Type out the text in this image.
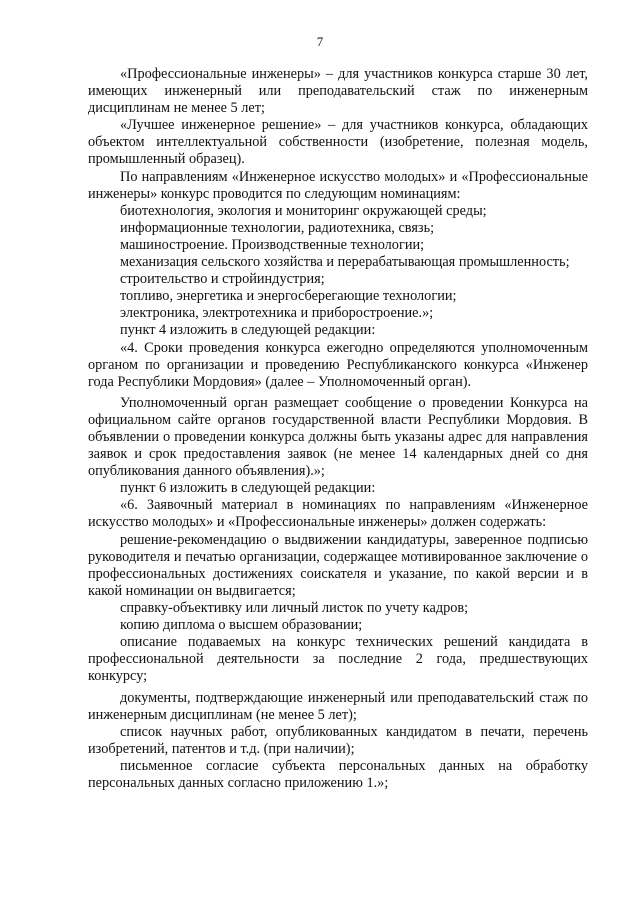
7

«Профессиональные инженеры» – для участников конкурса старше 30 лет, имеющих инженерный или преподавательский стаж по инженерным дисциплинам не менее 5 лет;

«Лучшее инженерное решение» – для участников конкурса, обладающих объектом интеллектуальной собственности (изобретение, полезная модель, промышленный образец).

По направлениям «Инженерное искусство молодых» и «Профессиональные инженеры» конкурс проводится по следующим номинациям:

биотехнология, экология и мониторинг окружающей среды;

информационные технологии, радиотехника, связь;

машиностроение. Производственные технологии;

механизация сельского хозяйства и перерабатывающая промышленность;

строительство и стройиндустрия;

топливо, энергетика и энергосберегающие технологии;

электроника, электротехника и приборостроение.»;

пункт 4 изложить в следующей редакции:

«4. Сроки проведения конкурса ежегодно определяются уполномоченным органом по организации и проведению Республиканского конкурса «Инженер года Республики Мордовия» (далее – Уполномоченный орган).

Уполномоченный орган размещает сообщение о проведении Конкурса на официальном сайте органов государственной власти Республики Мордовия. В объявлении о проведении конкурса должны быть указаны адрес для направления заявок и срок предоставления заявок (не менее 14 календарных дней со дня опубликования данного объявления).»;

пункт 6 изложить в следующей редакции:

«6. Заявочный материал в номинациях по направлениям «Инженерное искусство молодых» и «Профессиональные инженеры» должен содержать:

решение-рекомендацию о выдвижении кандидатуры, заверенное подписью руководителя и печатью организации, содержащее мотивированное заключение о профессиональных достижениях соискателя и указание, по какой версии и в какой номинации он выдвигается;

справку-объективку или личный листок по учету кадров;

копию диплома о высшем образовании;

описание подаваемых на конкурс технических решений кандидата в профессиональной деятельности за последние 2 года, предшествующих конкурсу;

документы, подтверждающие инженерный или преподавательский стаж по инженерным дисциплинам (не менее 5 лет);

список научных работ, опубликованных кандидатом в печати, перечень изобретений, патентов и т.д. (при наличии);

письменное согласие субъекта персональных данных на обработку персональных данных согласно приложению 1.»;
